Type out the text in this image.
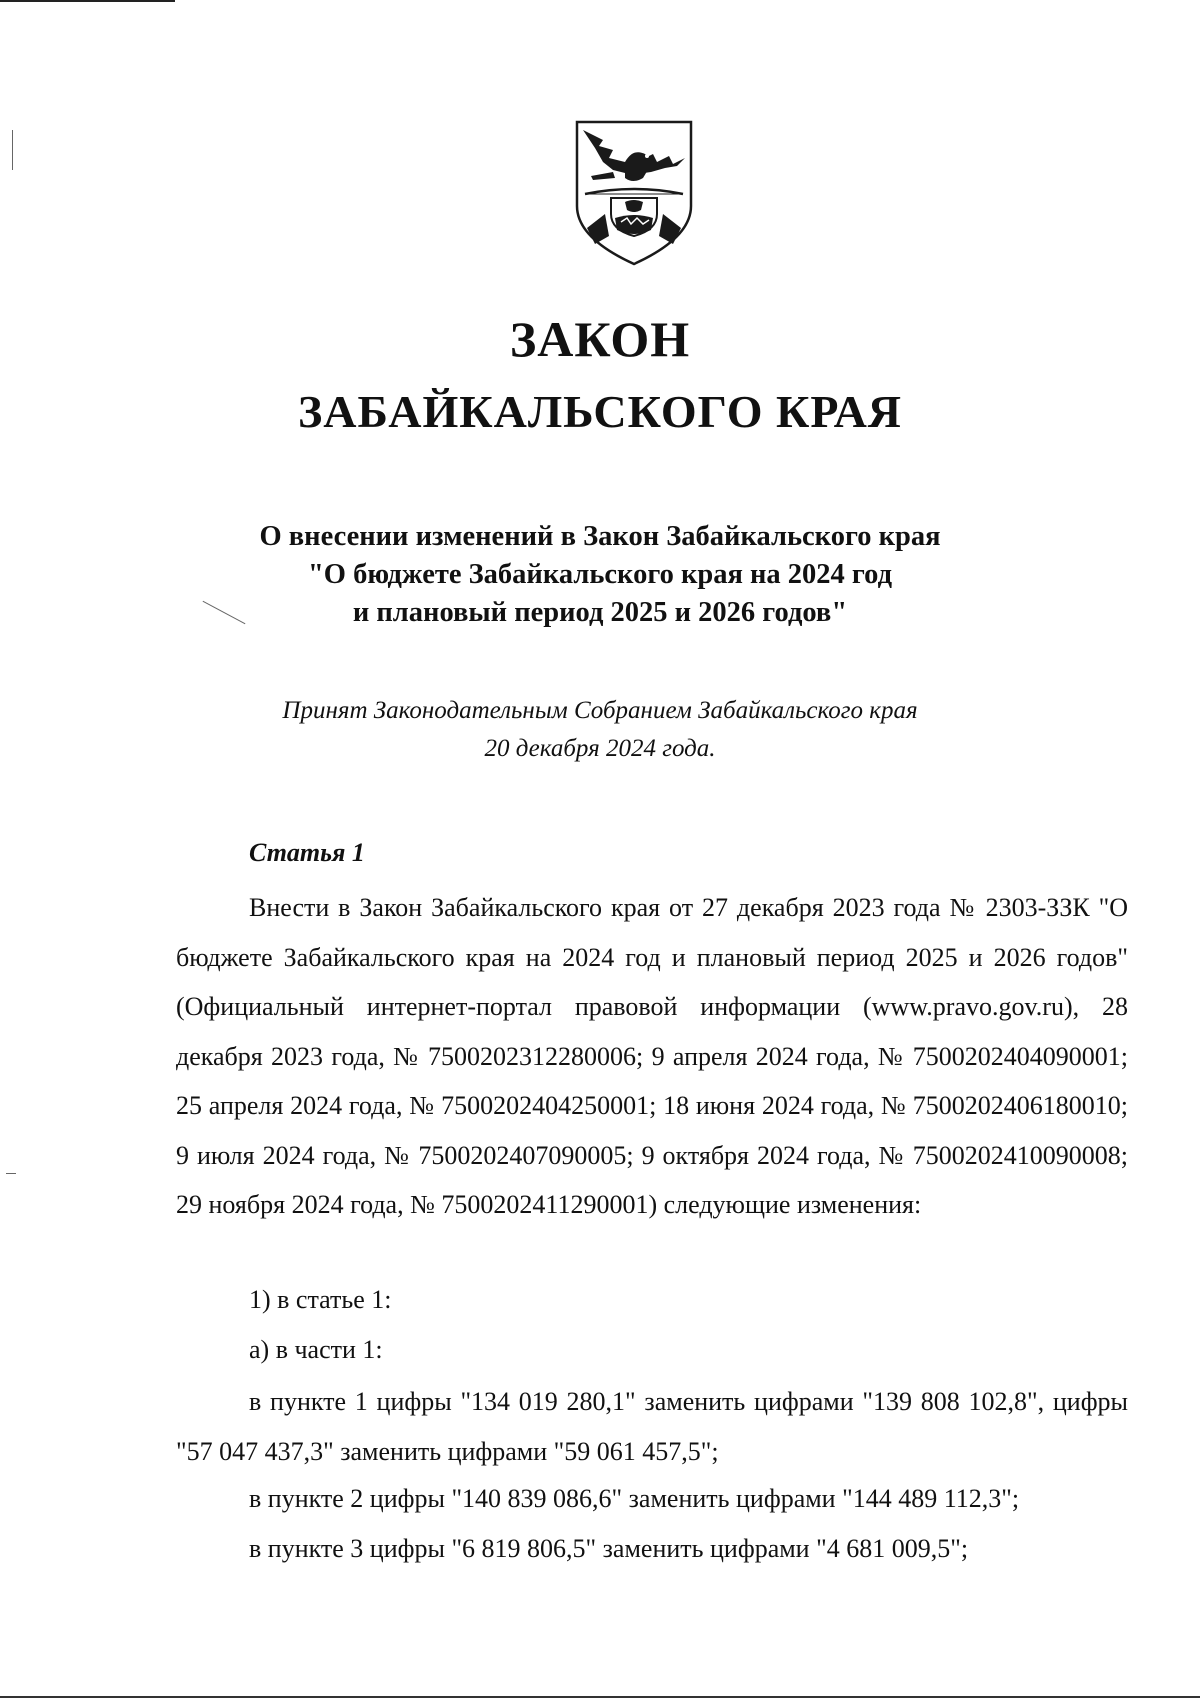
ЗАКОН
ЗАБАЙКАЛЬСКОГО КРАЯ
О внесении изменений в Закон Забайкальского края
"О бюджете Забайкальского края на 2024 год
и плановый период 2025 и 2026 годов"
Принят Законодательным Собранием Забайкальского края
20 декабря 2024 года.
Статья 1

Внести в Закон Забайкальского края от 27 декабря 2023 года № 2303-ЗЗК "О бюджете Забайкальского края на 2024 год и плановый период 2025 и 2026 годов" (Официальный интернет-портал правовой информации (www.pravo.gov.ru), 28 декабря 2023 года, № 7500202312280006; 9 апреля 2024 года, № 7500202404090001; 25 апреля 2024 года, № 7500202404250001; 18 июня 2024 года, № 7500202406180010; 9 июля 2024 года, № 7500202407090005; 9 октября 2024 года, № 7500202410090008; 29 ноября 2024 года, № 7500202411290001) следующие изменения:

1) в статье 1:
а) в части 1:

в пункте 1 цифры "134 019 280,1" заменить цифрами "139 808 102,8", цифры "57 047 437,3" заменить цифрами "59 061 457,5";

в пункте 2 цифры "140 839 086,6" заменить цифрами "144 489 112,3";
в пункте 3 цифры "6 819 806,5" заменить цифрами "4 681 009,5";
